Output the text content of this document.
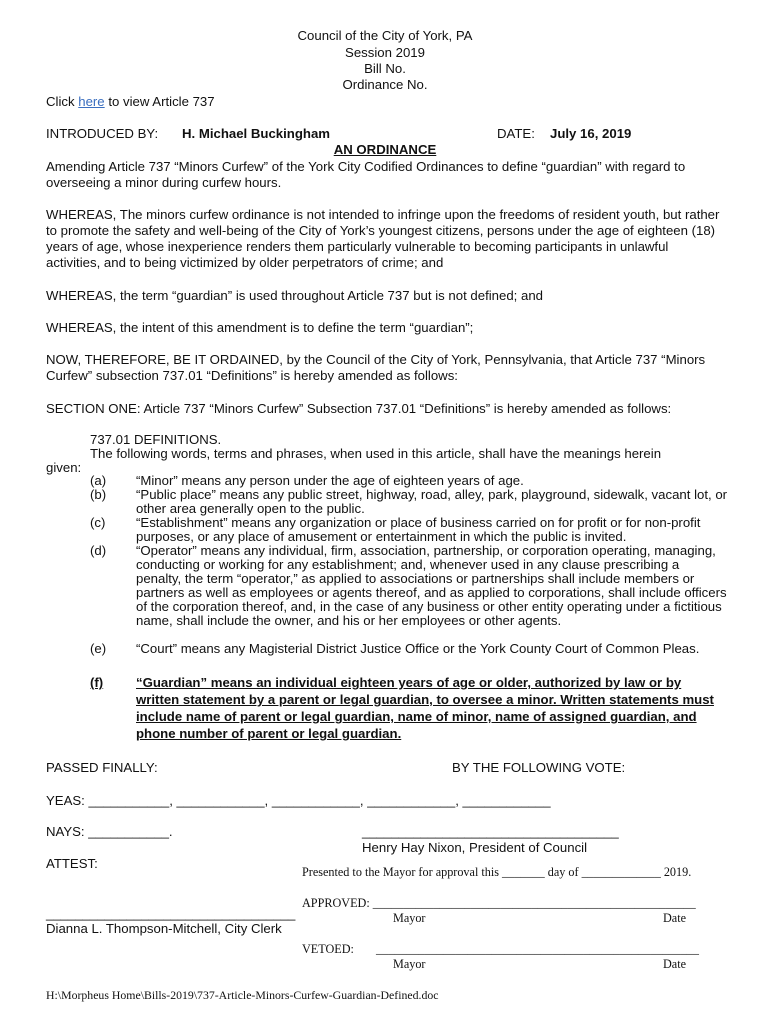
Council of the City of York, PA
Session 2019
Bill No.
Ordinance No.
Click here to view Article 737
INTRODUCED BY: H. Michael Buckingham	DATE: July 16, 2019
AN ORDINANCE
Amending Article 737 “Minors Curfew” of the York City Codified Ordinances to define “guardian” with regard to overseeing a minor during curfew hours.
WHEREAS, The minors curfew ordinance is not intended to infringe upon the freedoms of resident youth, but rather to promote the safety and well-being of the City of York’s youngest citizens, persons under the age of eighteen (18) years of age, whose inexperience renders them particularly vulnerable to becoming participants in unlawful activities, and to being victimized by older perpetrators of crime; and
WHEREAS, the term “guardian” is used throughout Article 737 but is not defined; and
WHEREAS, the intent of this amendment is to define the term “guardian”;
NOW, THEREFORE, BE IT ORDAINED, by the Council of the City of York, Pennsylvania, that Article 737 “Minors Curfew” subsection 737.01 “Definitions” is hereby amended as follows:
SECTION ONE: Article 737 “Minors Curfew” Subsection 737.01 “Definitions” is hereby amended as follows:
737.01 DEFINITIONS.
The following words, terms and phrases, when used in this article, shall have the meanings herein
given:
(a)	“Minor” means any person under the age of eighteen years of age.
(b)	“Public place” means any public street, highway, road, alley, park, playground, sidewalk, vacant lot, or other area generally open to the public.
(c)	“Establishment” means any organization or place of business carried on for profit or for non-profit purposes, or any place of amusement or entertainment in which the public is invited.
(d)	“Operator” means any individual, firm, association, partnership, or corporation operating, managing, conducting or working for any establishment; and, whenever used in any clause prescribing a penalty, the term “operator,” as applied to associations or partnerships shall include members or partners as well as employees or agents thereof, and as applied to corporations, shall include officers of the corporation thereof, and, in the case of any business or other entity operating under a fictitious name, shall include the owner, and his or her employees or other agents.
(e)	“Court” means any Magisterial District Justice Office or the York County Court of Common Pleas.
(f)	“Guardian” means an individual eighteen years of age or older, authorized by law or by written statement by a parent or legal guardian, to oversee a minor. Written statements must include name of parent or legal guardian, name of minor, name of assigned guardian, and phone number of parent or legal guardian.
PASSED FINALLY:	BY THE FOLLOWING VOTE:
YEAS: ___________, ____________, ____________, ____________, ____________
NAYS: ___________.	___________________________________
Henry Hay Nixon, President of Council
ATTEST:
Presented to the Mayor for approval this _______ day of _____________ 2019.
APPROVED: _____________________________________________________
Mayor	Date
__________________________________
Dianna L. Thompson-Mitchell, City Clerk
VETOED: _____________________________________________________
Mayor	Date
H:\Morpheus Home\Bills-2019\737-Article-Minors-Curfew-Guardian-Defined.doc
